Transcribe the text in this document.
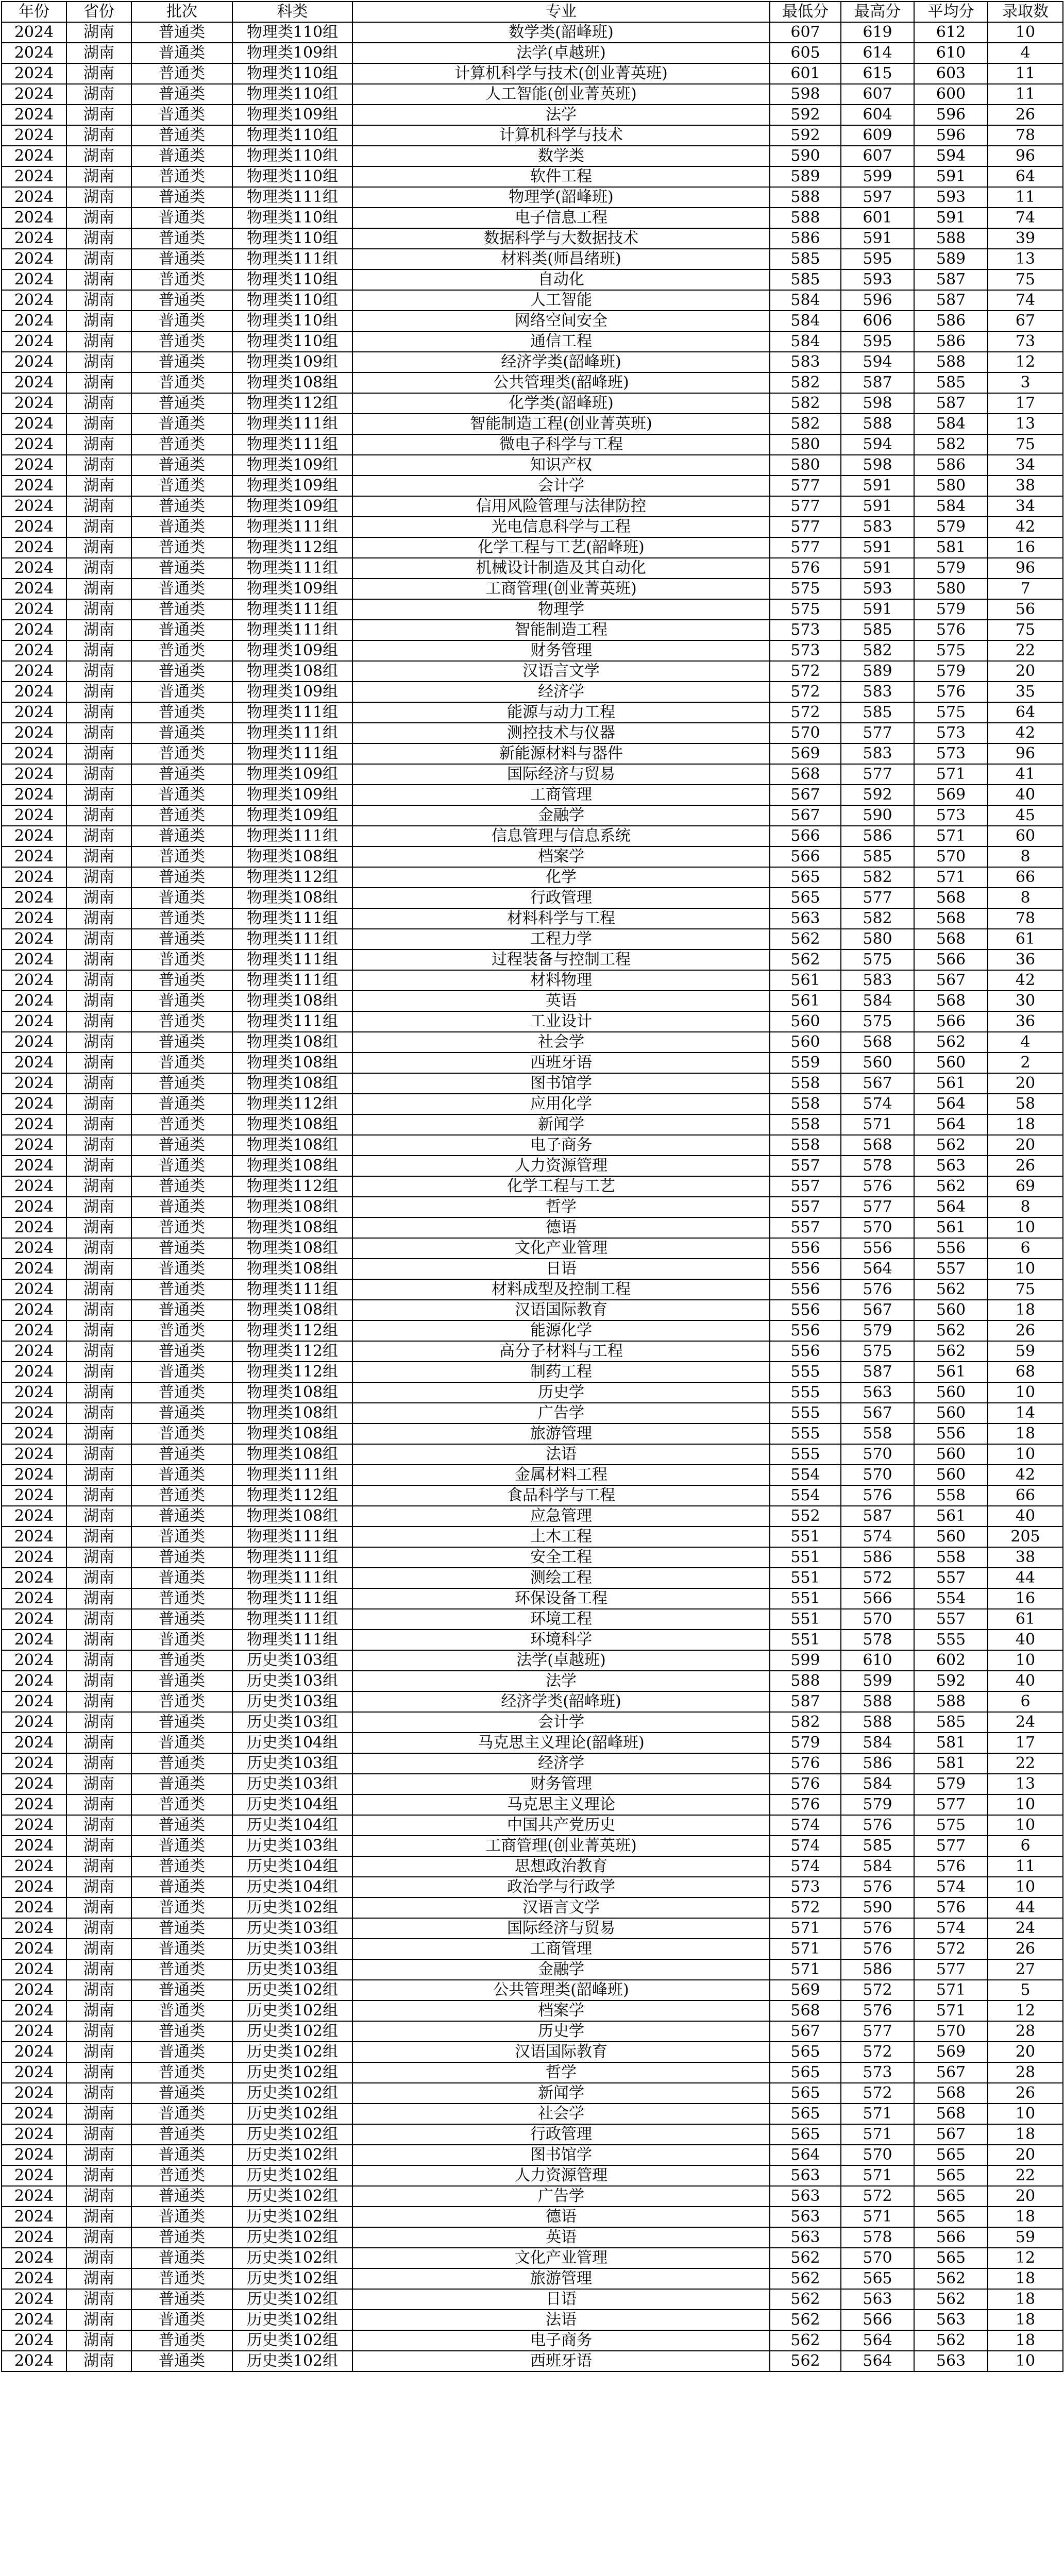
年份	省份	批次	科类	专业	最低分	最高分	平均分	录取数
2024	湖南	普通类	物理类110组	数学类(韶峰班)	607	619	612	10
2024	湖南	普通类	物理类109组	法学(卓越班)	605	614	610	4
2024	湖南	普通类	物理类110组	计算机科学与技术(创业菁英班)	601	615	603	11
2024	湖南	普通类	物理类110组	人工智能(创业菁英班)	598	607	600	11
2024	湖南	普通类	物理类109组	法学	592	604	596	26
2024	湖南	普通类	物理类110组	计算机科学与技术	592	609	596	78
2024	湖南	普通类	物理类110组	数学类	590	607	594	96
2024	湖南	普通类	物理类110组	软件工程	589	599	591	64
2024	湖南	普通类	物理类111组	物理学(韶峰班)	588	597	593	11
2024	湖南	普通类	物理类110组	电子信息工程	588	601	591	74
2024	湖南	普通类	物理类110组	数据科学与大数据技术	586	591	588	39
2024	湖南	普通类	物理类111组	材料类(师昌绪班)	585	595	589	13
2024	湖南	普通类	物理类110组	自动化	585	593	587	75
2024	湖南	普通类	物理类110组	人工智能	584	596	587	74
2024	湖南	普通类	物理类110组	网络空间安全	584	606	586	67
2024	湖南	普通类	物理类110组	通信工程	584	595	586	73
2024	湖南	普通类	物理类109组	经济学类(韶峰班)	583	594	588	12
2024	湖南	普通类	物理类108组	公共管理类(韶峰班)	582	587	585	3
2024	湖南	普通类	物理类112组	化学类(韶峰班)	582	598	587	17
2024	湖南	普通类	物理类111组	智能制造工程(创业菁英班)	582	588	584	13
2024	湖南	普通类	物理类111组	微电子科学与工程	580	594	582	75
2024	湖南	普通类	物理类109组	知识产权	580	598	586	34
2024	湖南	普通类	物理类109组	会计学	577	591	580	38
2024	湖南	普通类	物理类109组	信用风险管理与法律防控	577	591	584	34
2024	湖南	普通类	物理类111组	光电信息科学与工程	577	583	579	42
2024	湖南	普通类	物理类112组	化学工程与工艺(韶峰班)	577	591	581	16
2024	湖南	普通类	物理类111组	机械设计制造及其自动化	576	591	579	96
2024	湖南	普通类	物理类109组	工商管理(创业菁英班)	575	593	580	7
2024	湖南	普通类	物理类111组	物理学	575	591	579	56
2024	湖南	普通类	物理类111组	智能制造工程	573	585	576	75
2024	湖南	普通类	物理类109组	财务管理	573	582	575	22
2024	湖南	普通类	物理类108组	汉语言文学	572	589	579	20
2024	湖南	普通类	物理类109组	经济学	572	583	576	35
2024	湖南	普通类	物理类111组	能源与动力工程	572	585	575	64
2024	湖南	普通类	物理类111组	测控技术与仪器	570	577	573	42
2024	湖南	普通类	物理类111组	新能源材料与器件	569	583	573	96
2024	湖南	普通类	物理类109组	国际经济与贸易	568	577	571	41
2024	湖南	普通类	物理类109组	工商管理	567	592	569	40
2024	湖南	普通类	物理类109组	金融学	567	590	573	45
2024	湖南	普通类	物理类111组	信息管理与信息系统	566	586	571	60
2024	湖南	普通类	物理类108组	档案学	566	585	570	8
2024	湖南	普通类	物理类112组	化学	565	582	571	66
2024	湖南	普通类	物理类108组	行政管理	565	577	568	8
2024	湖南	普通类	物理类111组	材料科学与工程	563	582	568	78
2024	湖南	普通类	物理类111组	工程力学	562	580	568	61
2024	湖南	普通类	物理类111组	过程装备与控制工程	562	575	566	36
2024	湖南	普通类	物理类111组	材料物理	561	583	567	42
2024	湖南	普通类	物理类108组	英语	561	584	568	30
2024	湖南	普通类	物理类111组	工业设计	560	575	566	36
2024	湖南	普通类	物理类108组	社会学	560	568	562	4
2024	湖南	普通类	物理类108组	西班牙语	559	560	560	2
2024	湖南	普通类	物理类108组	图书馆学	558	567	561	20
2024	湖南	普通类	物理类112组	应用化学	558	574	564	58
2024	湖南	普通类	物理类108组	新闻学	558	571	564	18
2024	湖南	普通类	物理类108组	电子商务	558	568	562	20
2024	湖南	普通类	物理类108组	人力资源管理	557	578	563	26
2024	湖南	普通类	物理类112组	化学工程与工艺	557	576	562	69
2024	湖南	普通类	物理类108组	哲学	557	577	564	8
2024	湖南	普通类	物理类108组	德语	557	570	561	10
2024	湖南	普通类	物理类108组	文化产业管理	556	556	556	6
2024	湖南	普通类	物理类108组	日语	556	564	557	10
2024	湖南	普通类	物理类111组	材料成型及控制工程	556	576	562	75
2024	湖南	普通类	物理类108组	汉语国际教育	556	567	560	18
2024	湖南	普通类	物理类112组	能源化学	556	579	562	26
2024	湖南	普通类	物理类112组	高分子材料与工程	556	575	562	59
2024	湖南	普通类	物理类112组	制药工程	555	587	561	68
2024	湖南	普通类	物理类108组	历史学	555	563	560	10
2024	湖南	普通类	物理类108组	广告学	555	567	560	14
2024	湖南	普通类	物理类108组	旅游管理	555	558	556	18
2024	湖南	普通类	物理类108组	法语	555	570	560	10
2024	湖南	普通类	物理类111组	金属材料工程	554	570	560	42
2024	湖南	普通类	物理类112组	食品科学与工程	554	576	558	66
2024	湖南	普通类	物理类108组	应急管理	552	587	561	40
2024	湖南	普通类	物理类111组	土木工程	551	574	560	205
2024	湖南	普通类	物理类111组	安全工程	551	586	558	38
2024	湖南	普通类	物理类111组	测绘工程	551	572	557	44
2024	湖南	普通类	物理类111组	环保设备工程	551	566	554	16
2024	湖南	普通类	物理类111组	环境工程	551	570	557	61
2024	湖南	普通类	物理类111组	环境科学	551	578	555	40
2024	湖南	普通类	历史类103组	法学(卓越班)	599	610	602	10
2024	湖南	普通类	历史类103组	法学	588	599	592	40
2024	湖南	普通类	历史类103组	经济学类(韶峰班)	587	588	588	6
2024	湖南	普通类	历史类103组	会计学	582	588	585	24
2024	湖南	普通类	历史类104组	马克思主义理论(韶峰班)	579	584	581	17
2024	湖南	普通类	历史类103组	经济学	576	586	581	22
2024	湖南	普通类	历史类103组	财务管理	576	584	579	13
2024	湖南	普通类	历史类104组	马克思主义理论	576	579	577	10
2024	湖南	普通类	历史类104组	中国共产党历史	574	576	575	10
2024	湖南	普通类	历史类103组	工商管理(创业菁英班)	574	585	577	6
2024	湖南	普通类	历史类104组	思想政治教育	574	584	576	11
2024	湖南	普通类	历史类104组	政治学与行政学	573	576	574	10
2024	湖南	普通类	历史类102组	汉语言文学	572	590	576	44
2024	湖南	普通类	历史类103组	国际经济与贸易	571	576	574	24
2024	湖南	普通类	历史类103组	工商管理	571	576	572	26
2024	湖南	普通类	历史类103组	金融学	571	586	577	27
2024	湖南	普通类	历史类102组	公共管理类(韶峰班)	569	572	571	5
2024	湖南	普通类	历史类102组	档案学	568	576	571	12
2024	湖南	普通类	历史类102组	历史学	567	577	570	28
2024	湖南	普通类	历史类102组	汉语国际教育	565	572	569	20
2024	湖南	普通类	历史类102组	哲学	565	573	567	28
2024	湖南	普通类	历史类102组	新闻学	565	572	568	26
2024	湖南	普通类	历史类102组	社会学	565	571	568	10
2024	湖南	普通类	历史类102组	行政管理	565	571	567	18
2024	湖南	普通类	历史类102组	图书馆学	564	570	565	20
2024	湖南	普通类	历史类102组	人力资源管理	563	571	565	22
2024	湖南	普通类	历史类102组	广告学	563	572	565	20
2024	湖南	普通类	历史类102组	德语	563	571	565	18
2024	湖南	普通类	历史类102组	英语	563	578	566	59
2024	湖南	普通类	历史类102组	文化产业管理	562	570	565	12
2024	湖南	普通类	历史类102组	旅游管理	562	565	562	18
2024	湖南	普通类	历史类102组	日语	562	563	562	18
2024	湖南	普通类	历史类102组	法语	562	566	563	18
2024	湖南	普通类	历史类102组	电子商务	562	564	562	18
2024	湖南	普通类	历史类102组	西班牙语	562	564	563	10
